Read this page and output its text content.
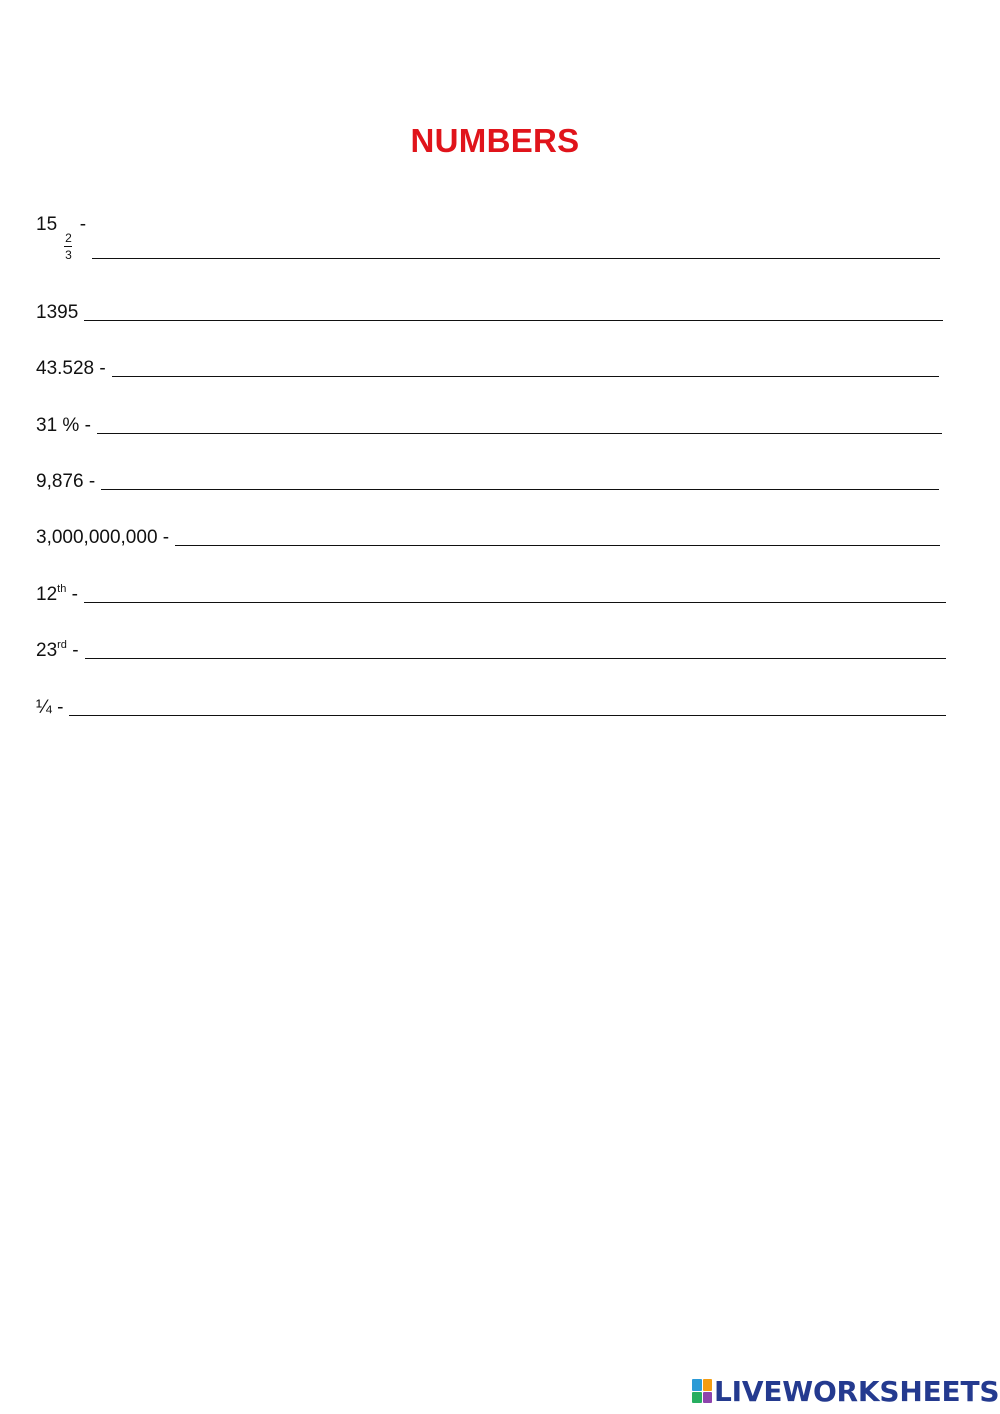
NUMBERS
15
$\frac{2}{3}$
-
1395
43.528 -
31 % -
9,876 -
3,000,000,000 -
12th -
23rd -
¼ -
LIVEWORKSHEETS
